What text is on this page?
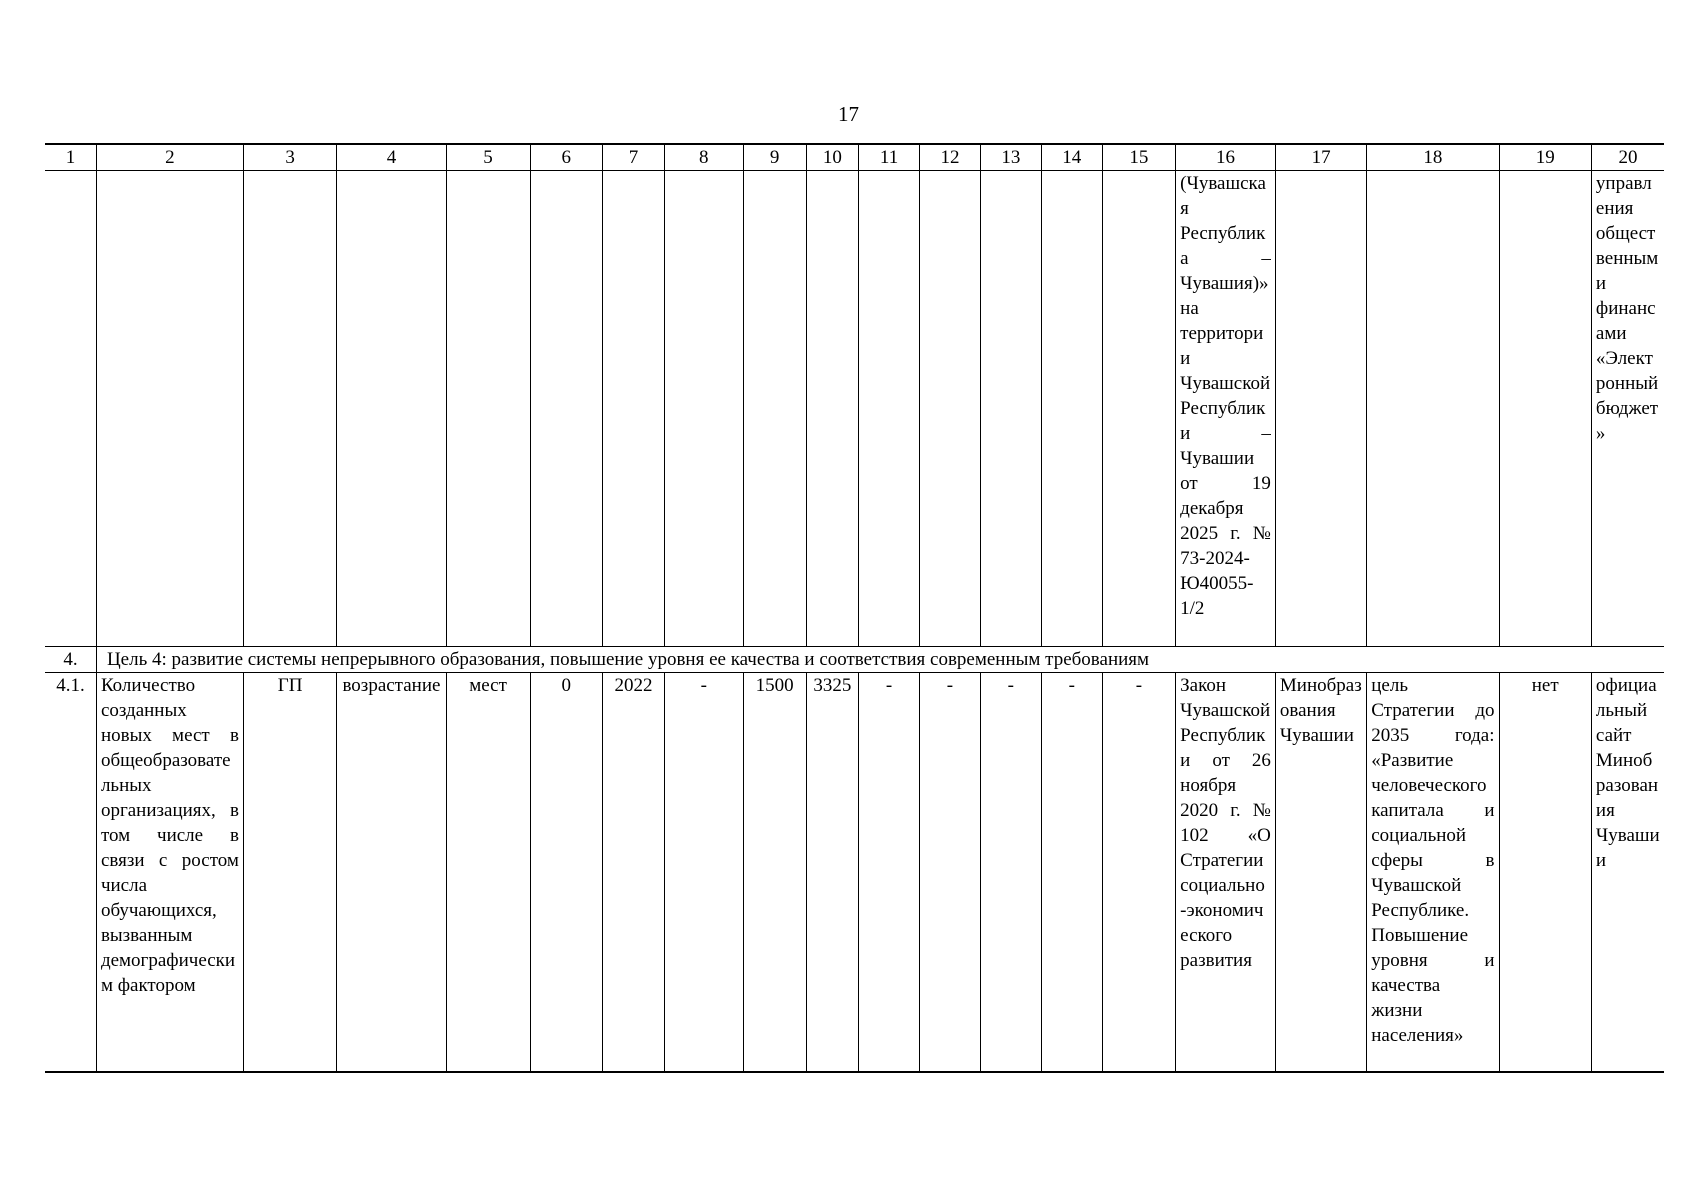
17
1	2	3	4	5	6	7	8	9	10	11	12	13	14	15	16	17	18	19	20
															(Чувашская Республика – Чувашия)» на территории Чувашской Республики – Чувашии от 19 декабря 2025 г. № 73-2024-Ю40055-1/2				управления общественными финансами «Электронный бюджет»
4.	Цель 4: развитие системы непрерывного образования, повышение уровня ее качества и соответствия современным требованиям																		
4.1.	Количество созданных новых мест в общеобразовательных организациях, в том числе в связи с ростом числа обучающихся, вызванным демографическим фактором	ГП	возрастание	мест	0	2022	-	1500	3325	-	-	-	-	-	Закон Чувашской Республики от 26 ноября 2020 г. № 102 «О Стратегии социально-экономического развития	Минобразования Чувашии	цель Стратегии до 2035 года: «Развитие человеческого капитала и социальной сферы в Чувашской Республике. Повышение уровня и качества жизни населения»	нет	официальный сайт Минобразования Чувашии
